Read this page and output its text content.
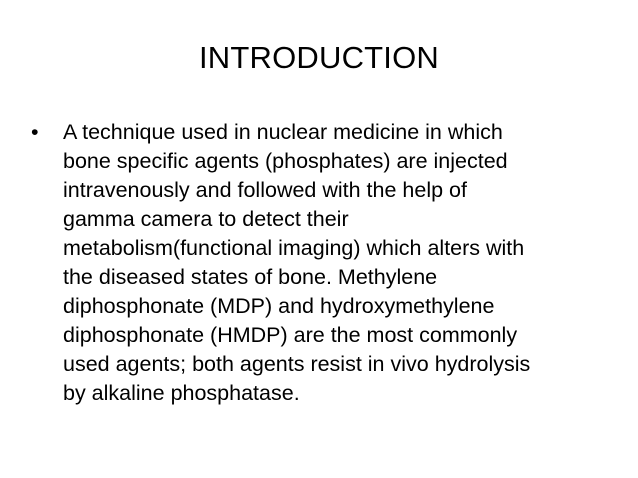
INTRODUCTION
•	A technique used in nuclear medicine in which
bone specific agents (phosphates) are injected
intravenously and followed with the help of
gamma camera to detect their
metabolism(functional imaging) which alters with
the diseased states of bone. Methylene
diphosphonate (MDP) and hydroxymethylene
diphosphonate (HMDP) are the most commonly
used agents; both agents resist in vivo hydrolysis
by alkaline phosphatase.
